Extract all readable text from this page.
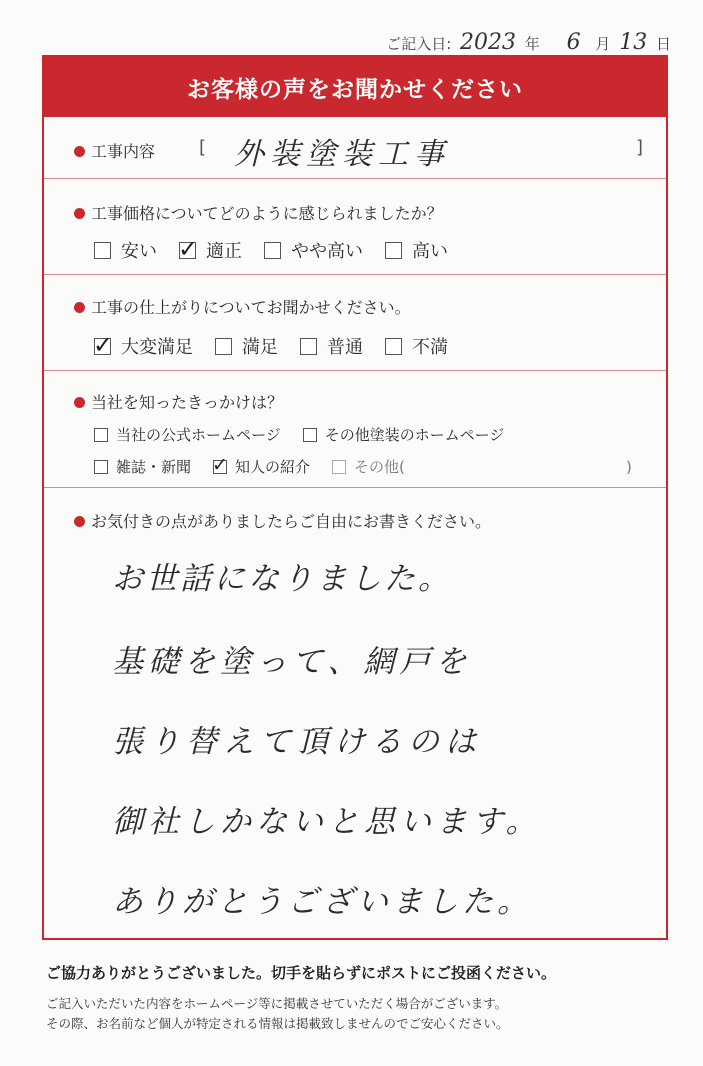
ご記入日: 2023 年 6 月 13 日
お客様の声をお聞かせください
工事内容 [ 外装塗装工事	]
工事価格についてどのように感じられましたか？
安い ✓ 適正	やや高い	高い
工事の仕上がりについてお聞かせください。
✓ 大変満足	満足	普通	不満
当社を知ったきっかけは？
当社の公式ホームページ	その他塗装のホームページ
雑誌・新聞 ✓ 知人の紹介	その他(	)
お気付きの点がありましたらご自由にお書きください。
お世話になりました。
基礎を塗って、網戸を
張り替えて頂けるのは
御社しかないと思います。
ありがとうございました。
ご協力ありがとうございました。切手を貼らずにポストにご投函ください。
ご記入いただいた内容をホームページ等に掲載させていただく場合がございます。
その際、お名前など個人が特定される情報は掲載致しませんのでご安心ください。
